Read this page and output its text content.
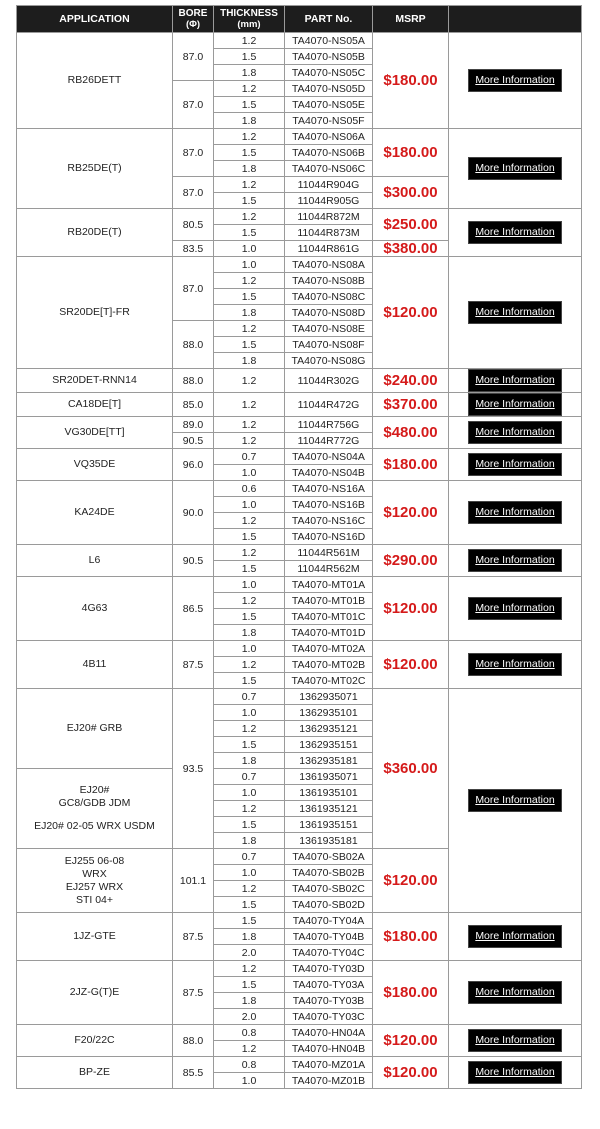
APPLICATION	BORE
(Φ)	THICKNESS
(mm)	PART No.	MSRP	

RB26DETT	87.0	1.2	TA4070-NS05A	$180.00	More Information
		1.5	TA4070-NS05B		
		1.8	TA4070-NS05C		
	87.0	1.2	TA4070-NS05D		
		1.5	TA4070-NS05E		
		1.8	TA4070-NS05F		

RB25DE(T)	87.0	1.2	TA4070-NS06A	$180.00	More Information
		1.5	TA4070-NS06B		
		1.8	TA4070-NS06C		
	87.0	1.2	11044R904G	$300.00	
		1.5	11044R905G		

RB20DE(T)	80.5	1.2	11044R872M	$250.00	More Information
		1.5	11044R873M		
	83.5	1.0	11044R861G	$380.00	

SR20DE[T]-FR	87.0	1.0	TA4070-NS08A	$120.00	More Information
		1.2	TA4070-NS08B		
		1.5	TA4070-NS08C		
		1.8	TA4070-NS08D		
	88.0	1.2	TA4070-NS08E		
		1.5	TA4070-NS08F		
		1.8	TA4070-NS08G		

SR20DET-RNN14	88.0	1.2	11044R302G	$240.00	More Information

CA18DE[T]	85.0	1.2	11044R472G	$370.00	More Information

VG30DE[TT]	89.0	1.2	11044R756G	$480.00	More Information
	90.5	1.2	11044R772G		

VQ35DE	96.0	0.7	TA4070-NS04A	$180.00	More Information
		1.0	TA4070-NS04B		

KA24DE	90.0	0.6	TA4070-NS16A	$120.00	More Information
		1.0	TA4070-NS16B		
		1.2	TA4070-NS16C		
		1.5	TA4070-NS16D		

L6	90.5	1.2	11044R561M	$290.00	More Information
		1.5	11044R562M		

4G63	86.5	1.0	TA4070-MT01A	$120.00	More Information
		1.2	TA4070-MT01B		
		1.5	TA4070-MT01C		
		1.8	TA4070-MT01D		

4B11	87.5	1.0	TA4070-MT02A	$120.00	More Information
		1.2	TA4070-MT02B		
		1.5	TA4070-MT02C		

EJ20# GRB	93.5	0.7	1362935071	$360.00	More Information
		1.0	1362935101		
		1.2	1362935121		
		1.5	1362935151		
		1.8	1362935181		

EJ20#
GC8/GDB JDM
EJ20# 02-05 WRX USDM		0.7	1361935071		
		1.0	1361935101		
		1.2	1361935121		
		1.5	1361935151		
		1.8	1361935181		

EJ255 06-08
WRX
EJ257 WRX
STI 04+	101.1	0.7	TA4070-SB02A	$120.00	
		1.0	TA4070-SB02B		
		1.2	TA4070-SB02C		
		1.5	TA4070-SB02D		

1JZ-GTE	87.5	1.5	TA4070-TY04A	$180.00	More Information
		1.8	TA4070-TY04B		
		2.0	TA4070-TY04C		

2JZ-G(T)E	87.5	1.2	TA4070-TY03D	$180.00	More Information
		1.5	TA4070-TY03A		
		1.8	TA4070-TY03B		
		2.0	TA4070-TY03C		

F20/22C	88.0	0.8	TA4070-HN04A	$120.00	More Information
		1.2	TA4070-HN04B		

BP-ZE	85.5	0.8	TA4070-MZ01A	$120.00	More Information
		1.0	TA4070-MZ01B		
